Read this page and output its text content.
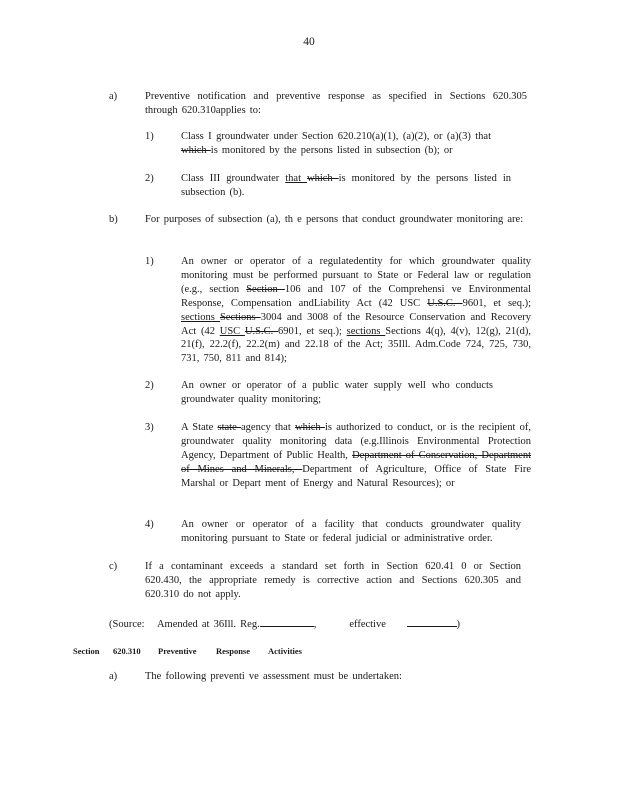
40
a)	Preventive notification and preventive response as specified in Sections 620.305 through 620.310applies to:
1)	Class I groundwater under Section 620.210(a)(1), (a)(2), or (a)(3) that which is monitored by the persons listed in subsection (b); or
2)	Class III groundwater that which is monitored by the persons listed in subsection (b).
b)	For purposes of subsection (a), th e persons that conduct groundwater monitoring are:
1)	An owner or operator of a regulatedentity for which groundwater quality monitoring must be performed pursuant to State or Federal law or regulation (e.g., section Section 106 and 107 of the Comprehensi ve Environmental Response, Compensation andLiability Act (42 USC U.S.C. 9601, et seq.); sections Sections 3004 and 3008 of the Resource Conservation and Recovery Act (42 USC U.S.C. 6901, et seq.); sections Sections 4(q), 4(v), 12(g), 21(d), 21(f), 22.2(f), 22.2(m) and 22.18 of the Act; 35Ill. Adm.Code 724, 725, 730, 731, 750, 811 and 814);
2)	An owner or operator of a public water supply well who conducts groundwater quality monitoring;
3)	A State state agency that which is authorized to conduct, or is the recipient of, groundwater quality monitoring data (e.g.Illinois Environmental Protection Agency, Department of Public Health, Department of Conservation, Department of Mines and Minerals, Department of Agriculture, Office of State Fire Marshal or Depart ment of Energy and Natural Resources); or
4)	An owner or operator of a facility that conducts groundwater quality monitoring pursuant to State or federal judicial or administrative order.
c)	If a contaminant exceeds a standard set forth in Section 620.41 0 or Section 620.430, the appropriate remedy is corrective action and Sections 620.305 and 620.310 do not apply.
(Source: Amended at 36Ill. Reg.	,        effective	)
Section 620.310 Preventive Response Activities
a)	The following preventi ve assessment must be undertaken:
